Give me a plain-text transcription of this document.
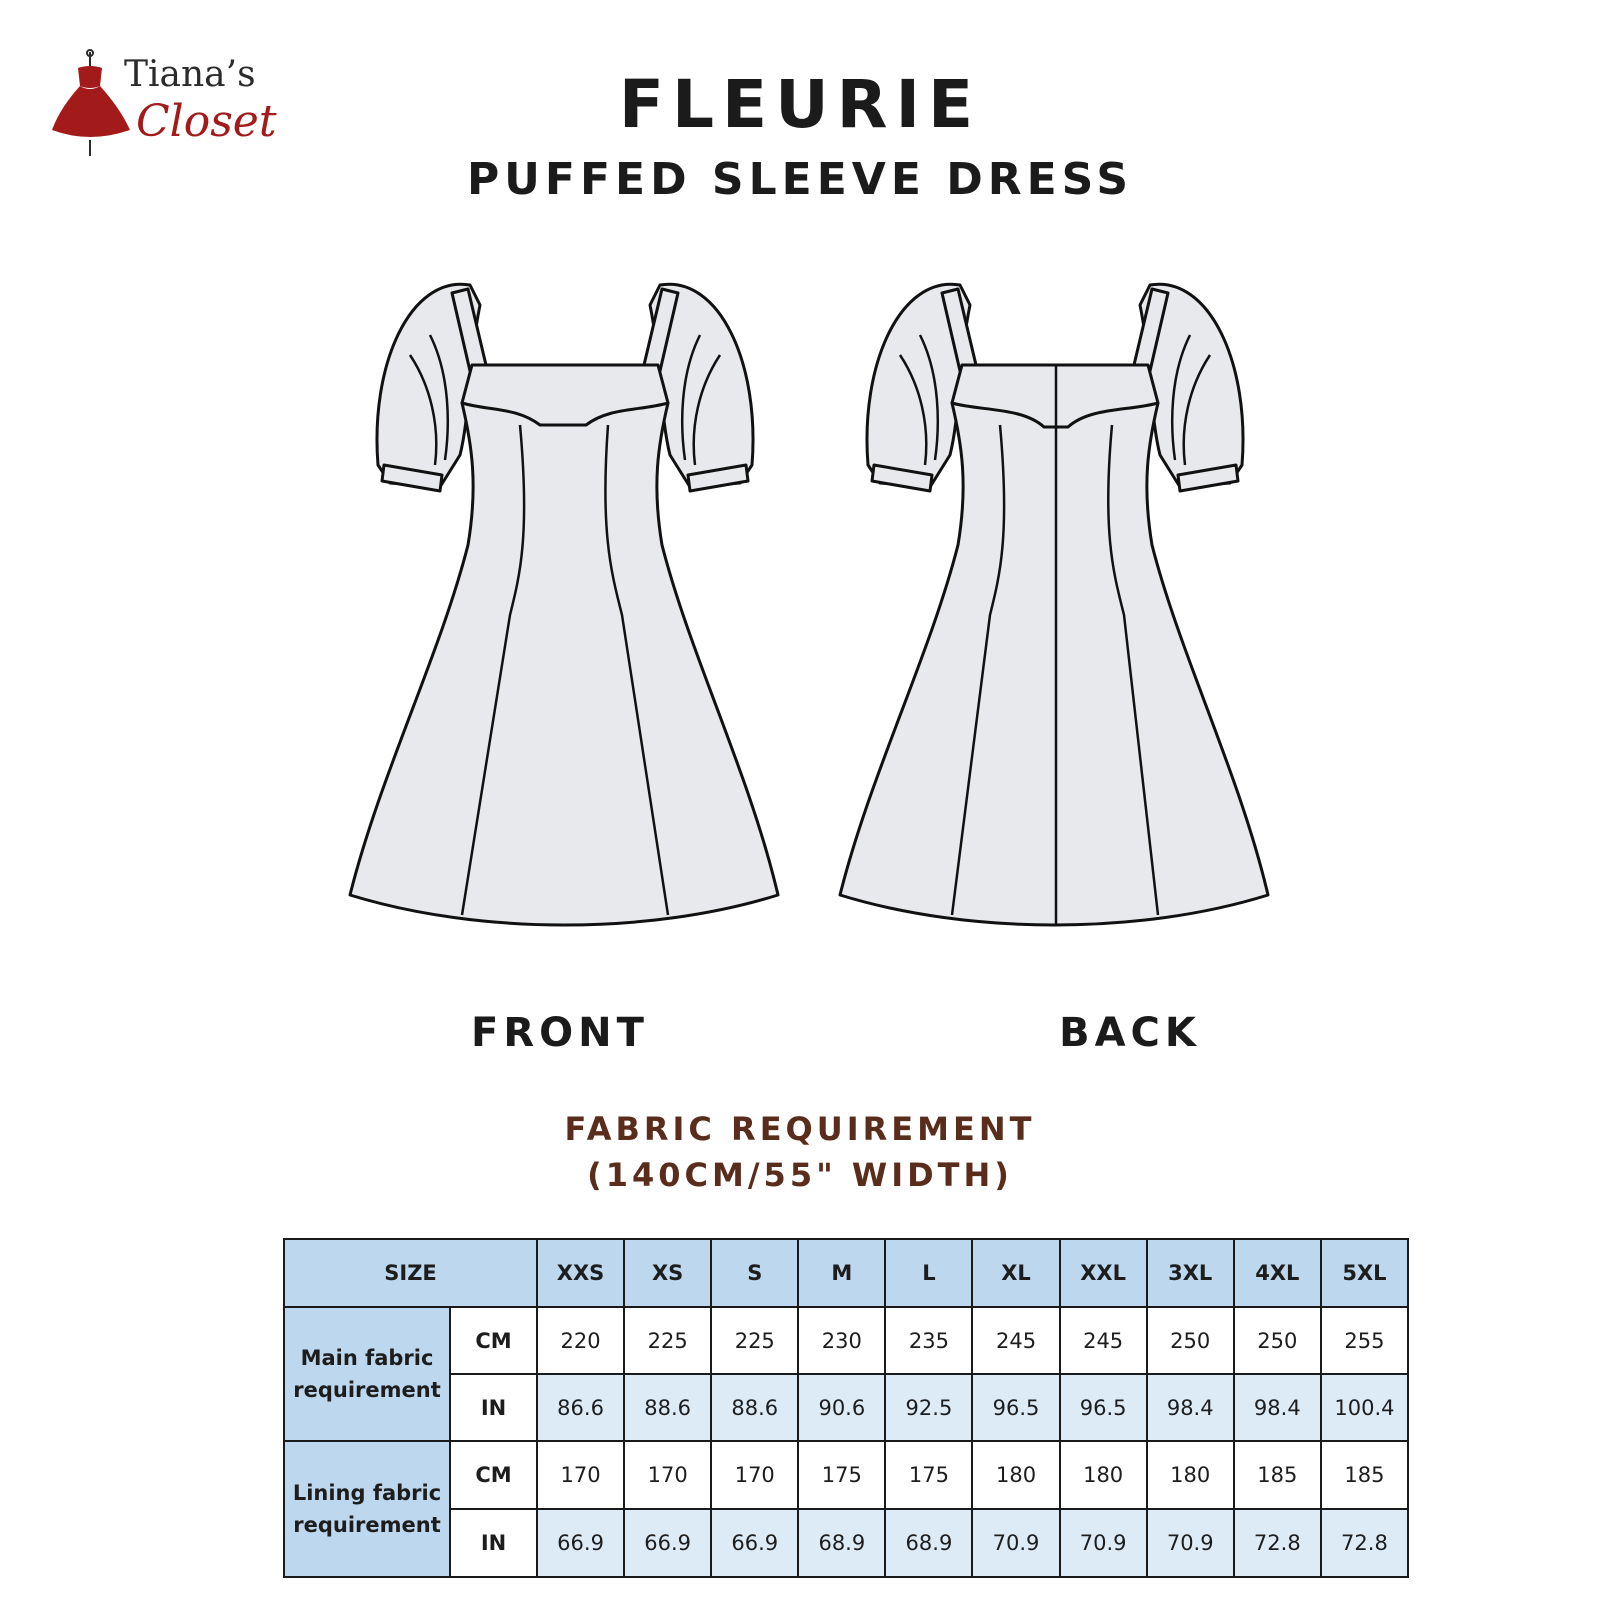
Tiana’s
Closet	FLEURIE
PUFFED SLEEVE DRESS
FRONT	BACK
FABRIC REQUIREMENT
(140CM/55" WIDTH)
SIZE		XXS	XS	S	M	L	XL	XXL	3XL	4XL	5XL
Main fabric
requirement	CM	220	225	225	230	235	245	245	250	250	255
	IN	86.6	88.6	88.6	90.6	92.5	96.5	96.5	98.4	98.4	100.4
Lining fabric
requirement	CM	170	170	170	175	175	180	180	180	185	185
	IN	66.9	66.9	66.9	68.9	68.9	70.9	70.9	70.9	72.8	72.8
